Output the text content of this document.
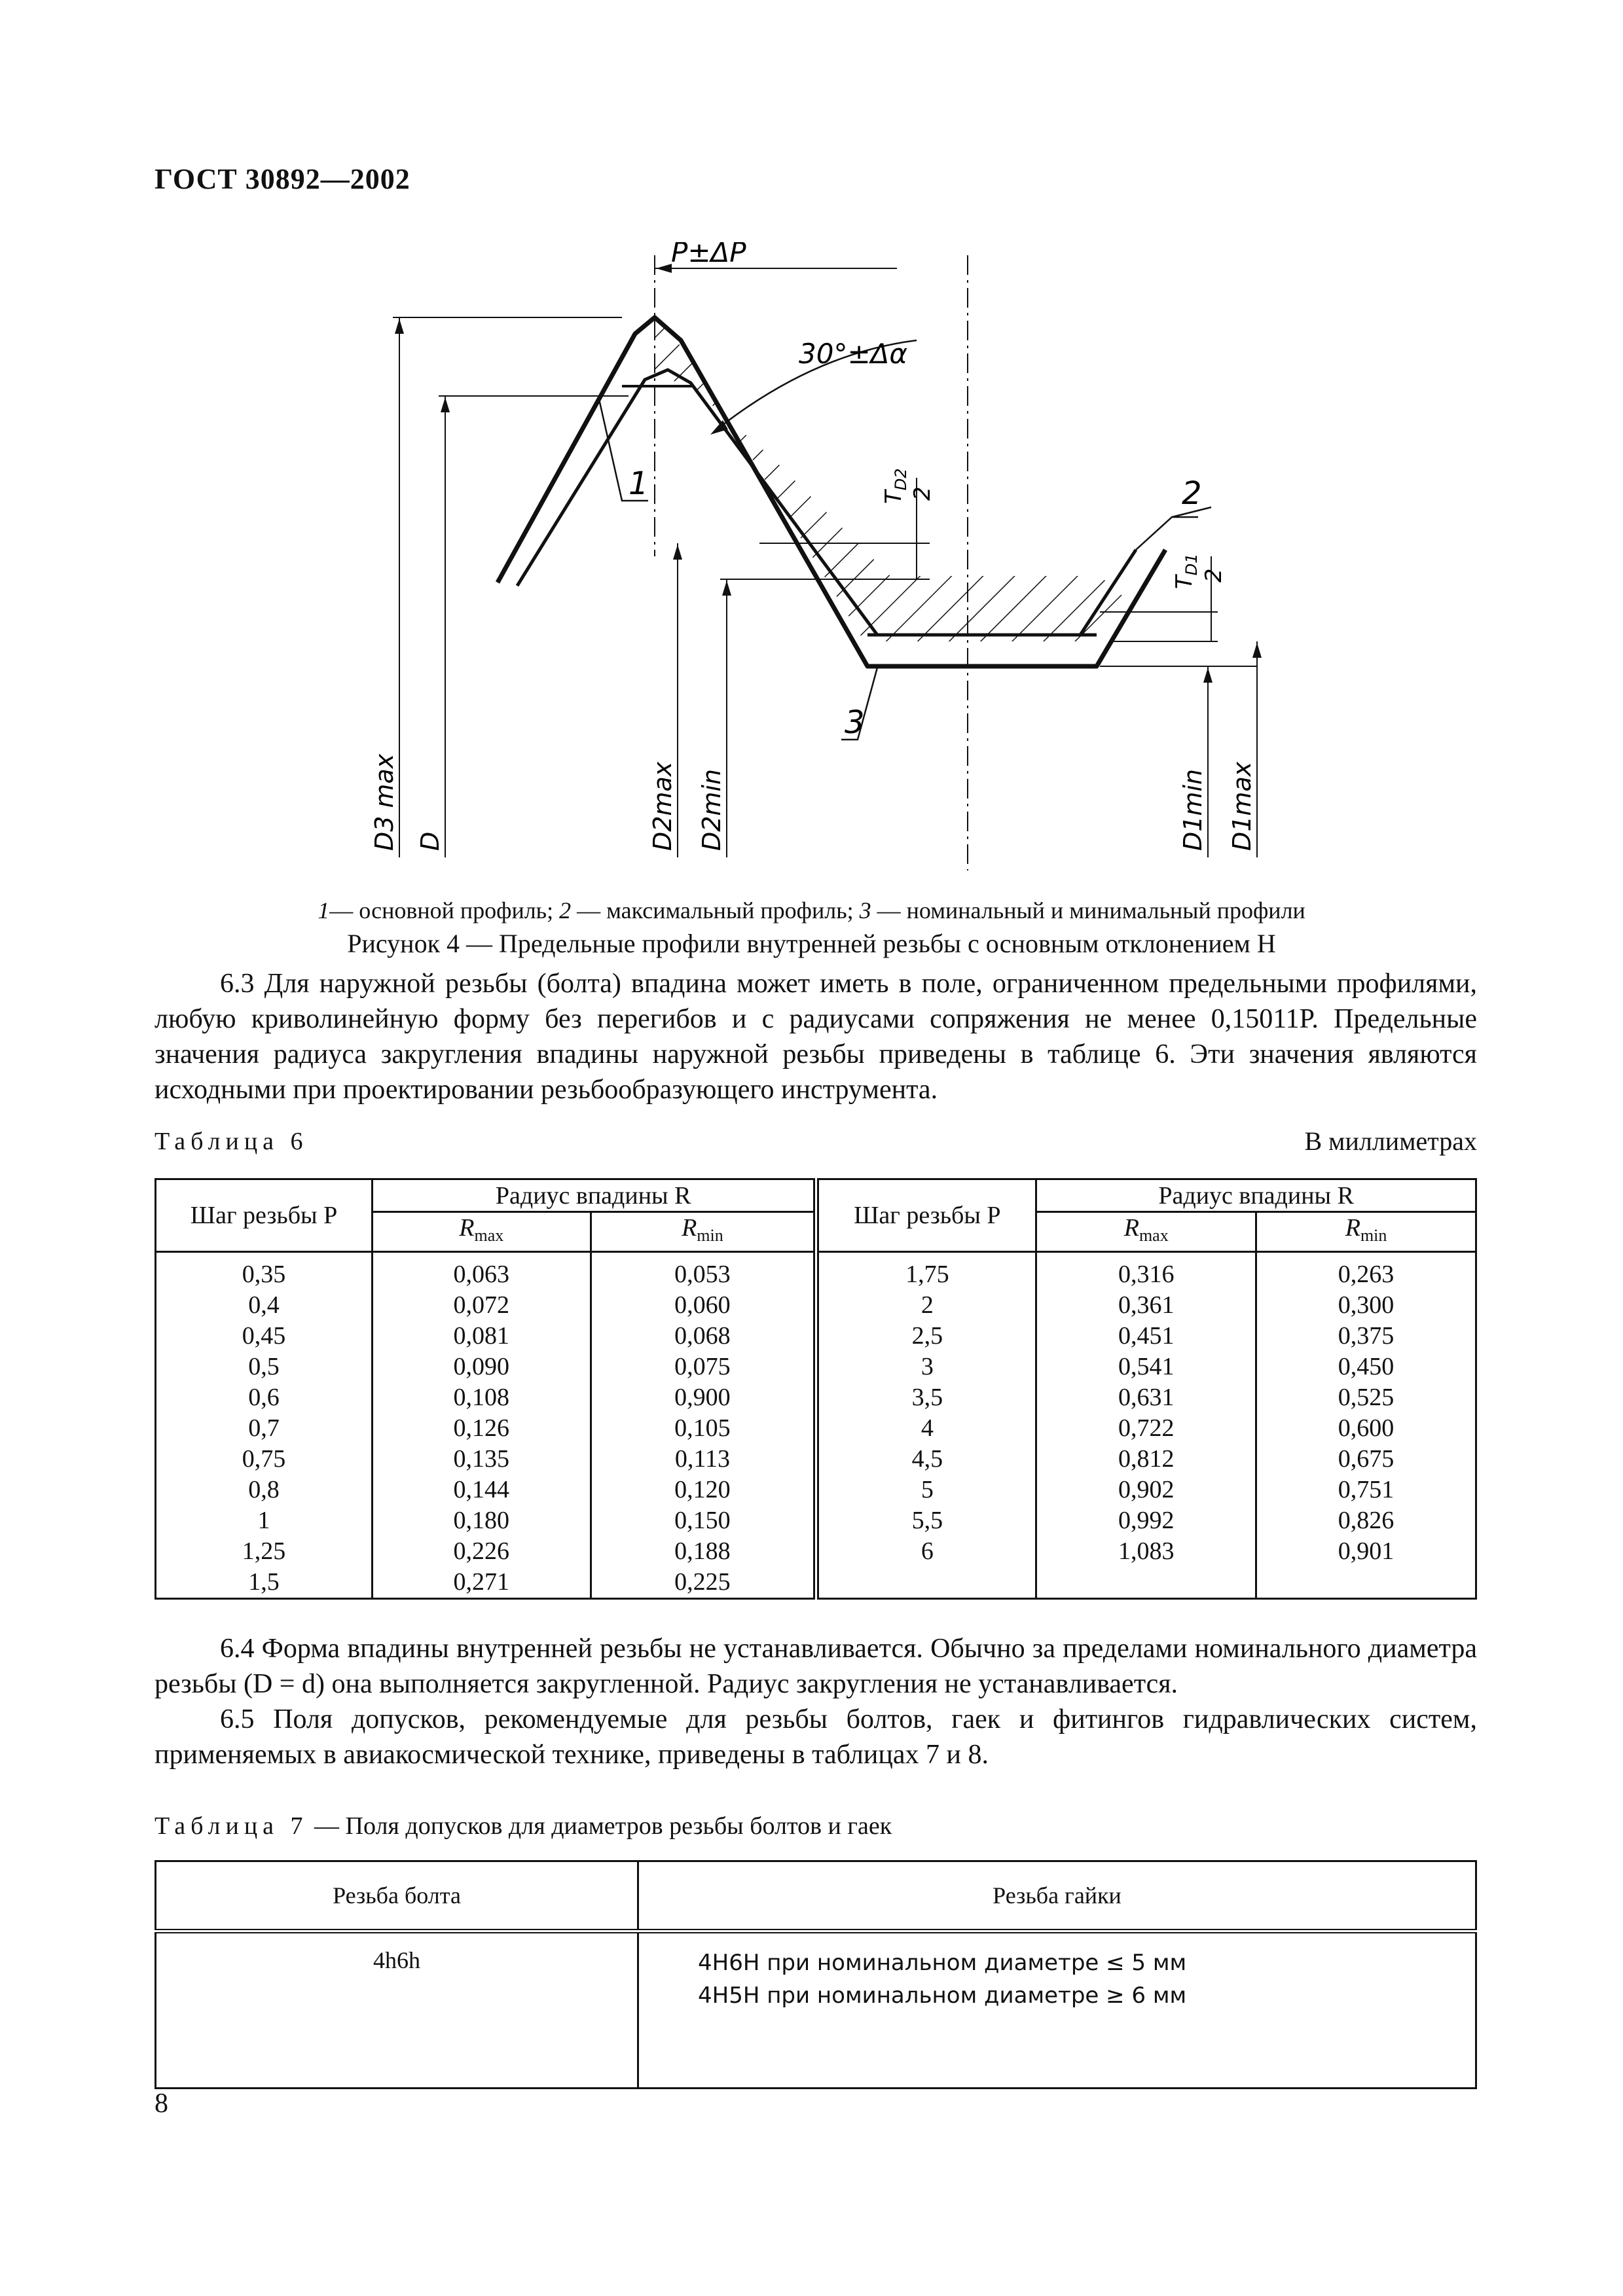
ГОСТ 30892—2002
30°±Δα
P±ΔP
1	2
3
$T_{D2}$
2
$T_{D1}$ 2
D3 max D	D2max D2min	D1min D1max
1— основной профиль; 2 — максимальный профиль; 3 — номинальный и минимальный профили
Рисунок 4 — Предельные профили внутренней резьбы с основным отклонением H

6.3 Для наружной резьбы (болта) впадина может иметь в поле, ограниченном предельными профилями, любую криволинейную форму без перегибов и с радиусами сопряжения не менее 0,15011P. Предельные значения радиуса закругления впадины наружной резьбы приведены в таблице 6. Эти значения являются исходными при проектировании резьбообразующего инструмента.

Таблица 6	В миллиметрах
Шаг резьбы P	Радиус впадины R		Шаг резьбы P	Радиус впадины R	
	$R_{max}$	$R_{min}$		$R_{max}$	$R_{min}$
0,35	0,063	0,053	1,75	0,316	0,263
0,4	0,072	0,060	2	0,361	0,300
0,45	0,081	0,068	2,5	0,451	0,375
0,5	0,090	0,075	3	0,541	0,450
0,6	0,108	0,900	3,5	0,631	0,525
0,7	0,126	0,105	4	0,722	0,600
0,75	0,135	0,113	4,5	0,812	0,675
0,8	0,144	0,120	5	0,902	0,751
1	0,180	0,150	5,5	0,992	0,826
1,25	0,226	0,188	6	1,083	0,901
1,5	0,271	0,225			

6.4 Форма впадины внутренней резьбы не устанавливается. Обычно за пределами номинального диаметра резьбы (D = d) она выполняется закругленной. Радиус закругления не устанавливается.

6.5 Поля допусков, рекомендуемые для резьбы болтов, гаек и фитингов гидравлических систем, применяемых в авиакосмической технике, приведены в таблицах 7 и 8.

Таблица 7 — Поля допусков для диаметров резьбы болтов и гаек
Резьба болта	Резьба гайки
4h6h	4H6H при номинальном диаметре ≤ 5 мм
4H5H при номинальном диаметре ≥ 6 мм
8
